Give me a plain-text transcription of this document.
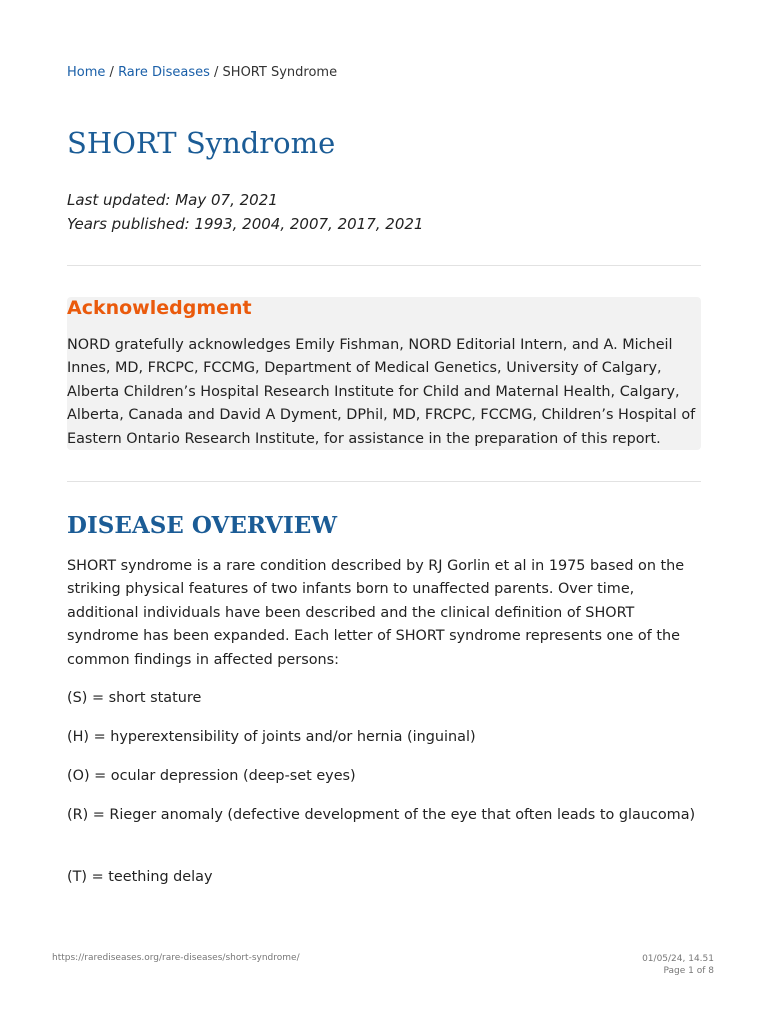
Home / Rare Diseases / SHORT Syndrome
SHORT Syndrome
Last updated: May 07, 2021
Years published: 1993, 2004, 2007, 2017, 2021
Acknowledgment

NORD gratefully acknowledges Emily Fishman, NORD Editorial Intern, and A. Micheil Innes, MD, FRCPC, FCCMG, Department of Medical Genetics, University of Calgary, Alberta Children’s Hospital Research Institute for Child and Maternal Health, Calgary, Alberta, Canada and David A Dyment, DPhil, MD, FRCPC, FCCMG, Children’s Hospital of Eastern Ontario Research Institute, for assistance in the preparation of this report.

DISEASE OVERVIEW

SHORT syndrome is a rare condition described by RJ Gorlin et al in 1975 based on the striking physical features of two infants born to unaffected parents. Over time, additional individuals have been described and the clinical definition of SHORT syndrome has been expanded. Each letter of SHORT syndrome represents one of the common findings in affected persons:

(S) = short stature

(H) = hyperextensibility of joints and/or hernia (inguinal)

(O) = ocular depression (deep-set eyes)

(R) = Rieger anomaly (defective development of the eye that often leads to glaucoma)

(T) = teething delay

https://rarediseases.org/rare-diseases/short-syndrome/	01/05/24, 14.51
Page 1 of 8
